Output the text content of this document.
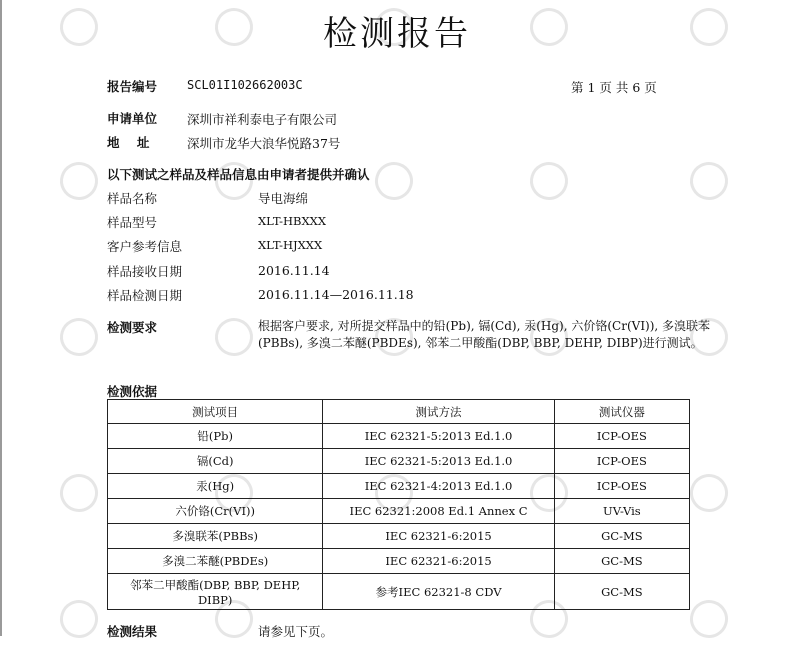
检测报告
报告编号 SCL01I102662003C	第 1 页 共 6 页
申请单位 深圳市祥利泰电子有限公司
地    址	深圳市龙华大浪华悦路37号
以下测试之样品及样品信息由申请者提供并确认
样品名称	导电海绵
样品型号	XLT-HBXXX
客户参考信息	XLT-HJXXX
样品接收日期	2016.11.14
样品检测日期	2016.11.14—2016.11.18
检测要求	根据客户要求, 对所提交样品中的铅(Pb), 镉(Cd), 汞(Hg), 六价铬(Cr(VI)), 多溴联苯(PBBs), 多溴二苯醚(PBDEs), 邻苯二甲酸酯(DBP, BBP, DEHP, DIBP)进行测试。
检测依据
测试项目	测试方法	测试仪器
铅(Pb)	IEC 62321-5:2013 Ed.1.0	ICP-OES
镉(Cd)	IEC 62321-5:2013 Ed.1.0	ICP-OES
汞(Hg)	IEC 62321-4:2013 Ed.1.0	ICP-OES
六价铬(Cr(VI))	IEC 62321:2008 Ed.1 Annex C	UV-Vis
多溴联苯(PBBs)	IEC 62321-6:2015	GC-MS
多溴二苯醚(PBDEs)	IEC 62321-6:2015	GC-MS
邻苯二甲酸酯(DBP, BBP, DEHP, DIBP)	参考IEC 62321-8 CDV	GC-MS
检测结果	请参见下页。
